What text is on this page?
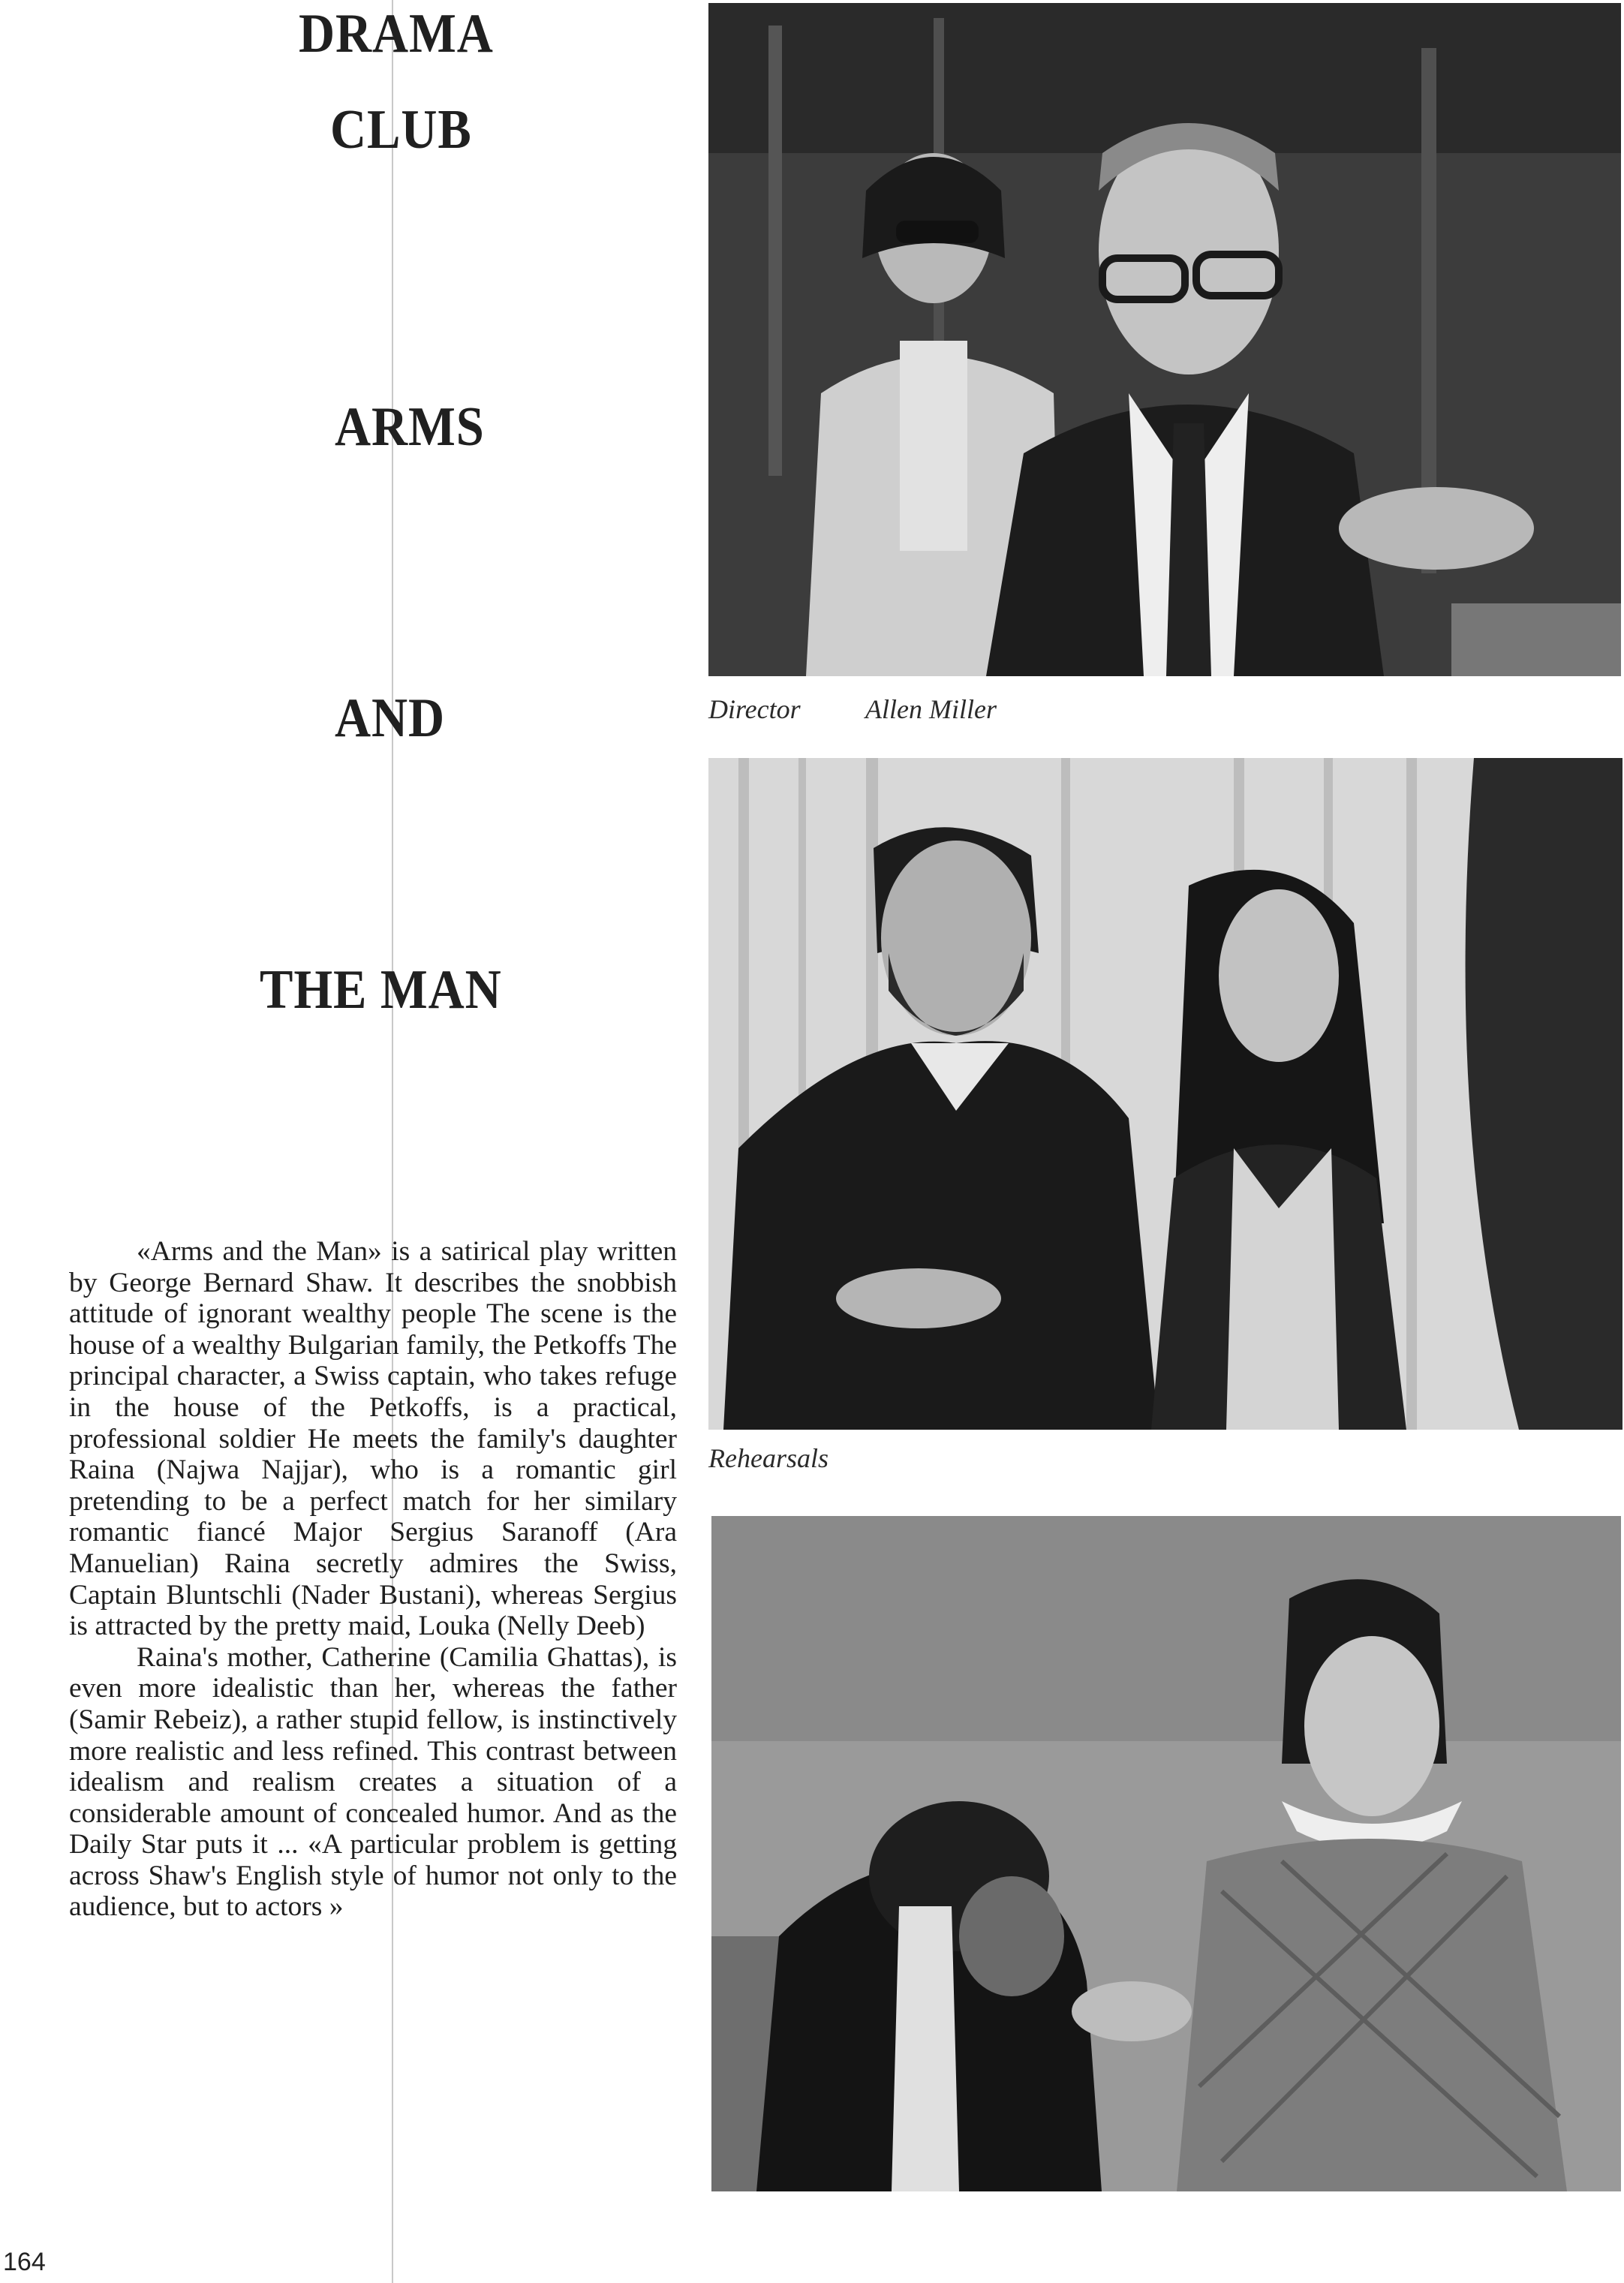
DRAMA
CLUB
ARMS
AND
THE MAN
Director Allen Miller
Rehearsals

«Arms and the Man» is a satirical play written by George Bernard Shaw. It describes the snobbish attitude of ignorant wealthy people The scene is the house of a wealthy Bulgarian family, the Petkoffs The principal character, a Swiss captain, who takes refuge in the house of the Petkoffs, is a practical, professional soldier He meets the family's daughter Raina (Najwa Najjar), who is a romantic girl pretending to be a perfect match for her similary romantic fiancé Major Sergius Saranoff (Ara Manuelian) Raina secretly admires the Swiss, Captain Bluntschli (Nader Bustani), whereas Sergius is attracted by the pretty maid, Louka (Nelly Deeb)

Raina's mother, Catherine (Camilia Ghattas), is even more idealistic than her, whereas the father (Samir Rebeiz), a rather stupid fellow, is instinctively more realistic and less refined. This contrast between idealism and realism creates a situation of a considerable amount of concealed humor. And as the Daily Star puts it ... «A particular problem is getting across Shaw's English style of humor not only to the audience, but to actors »

164
